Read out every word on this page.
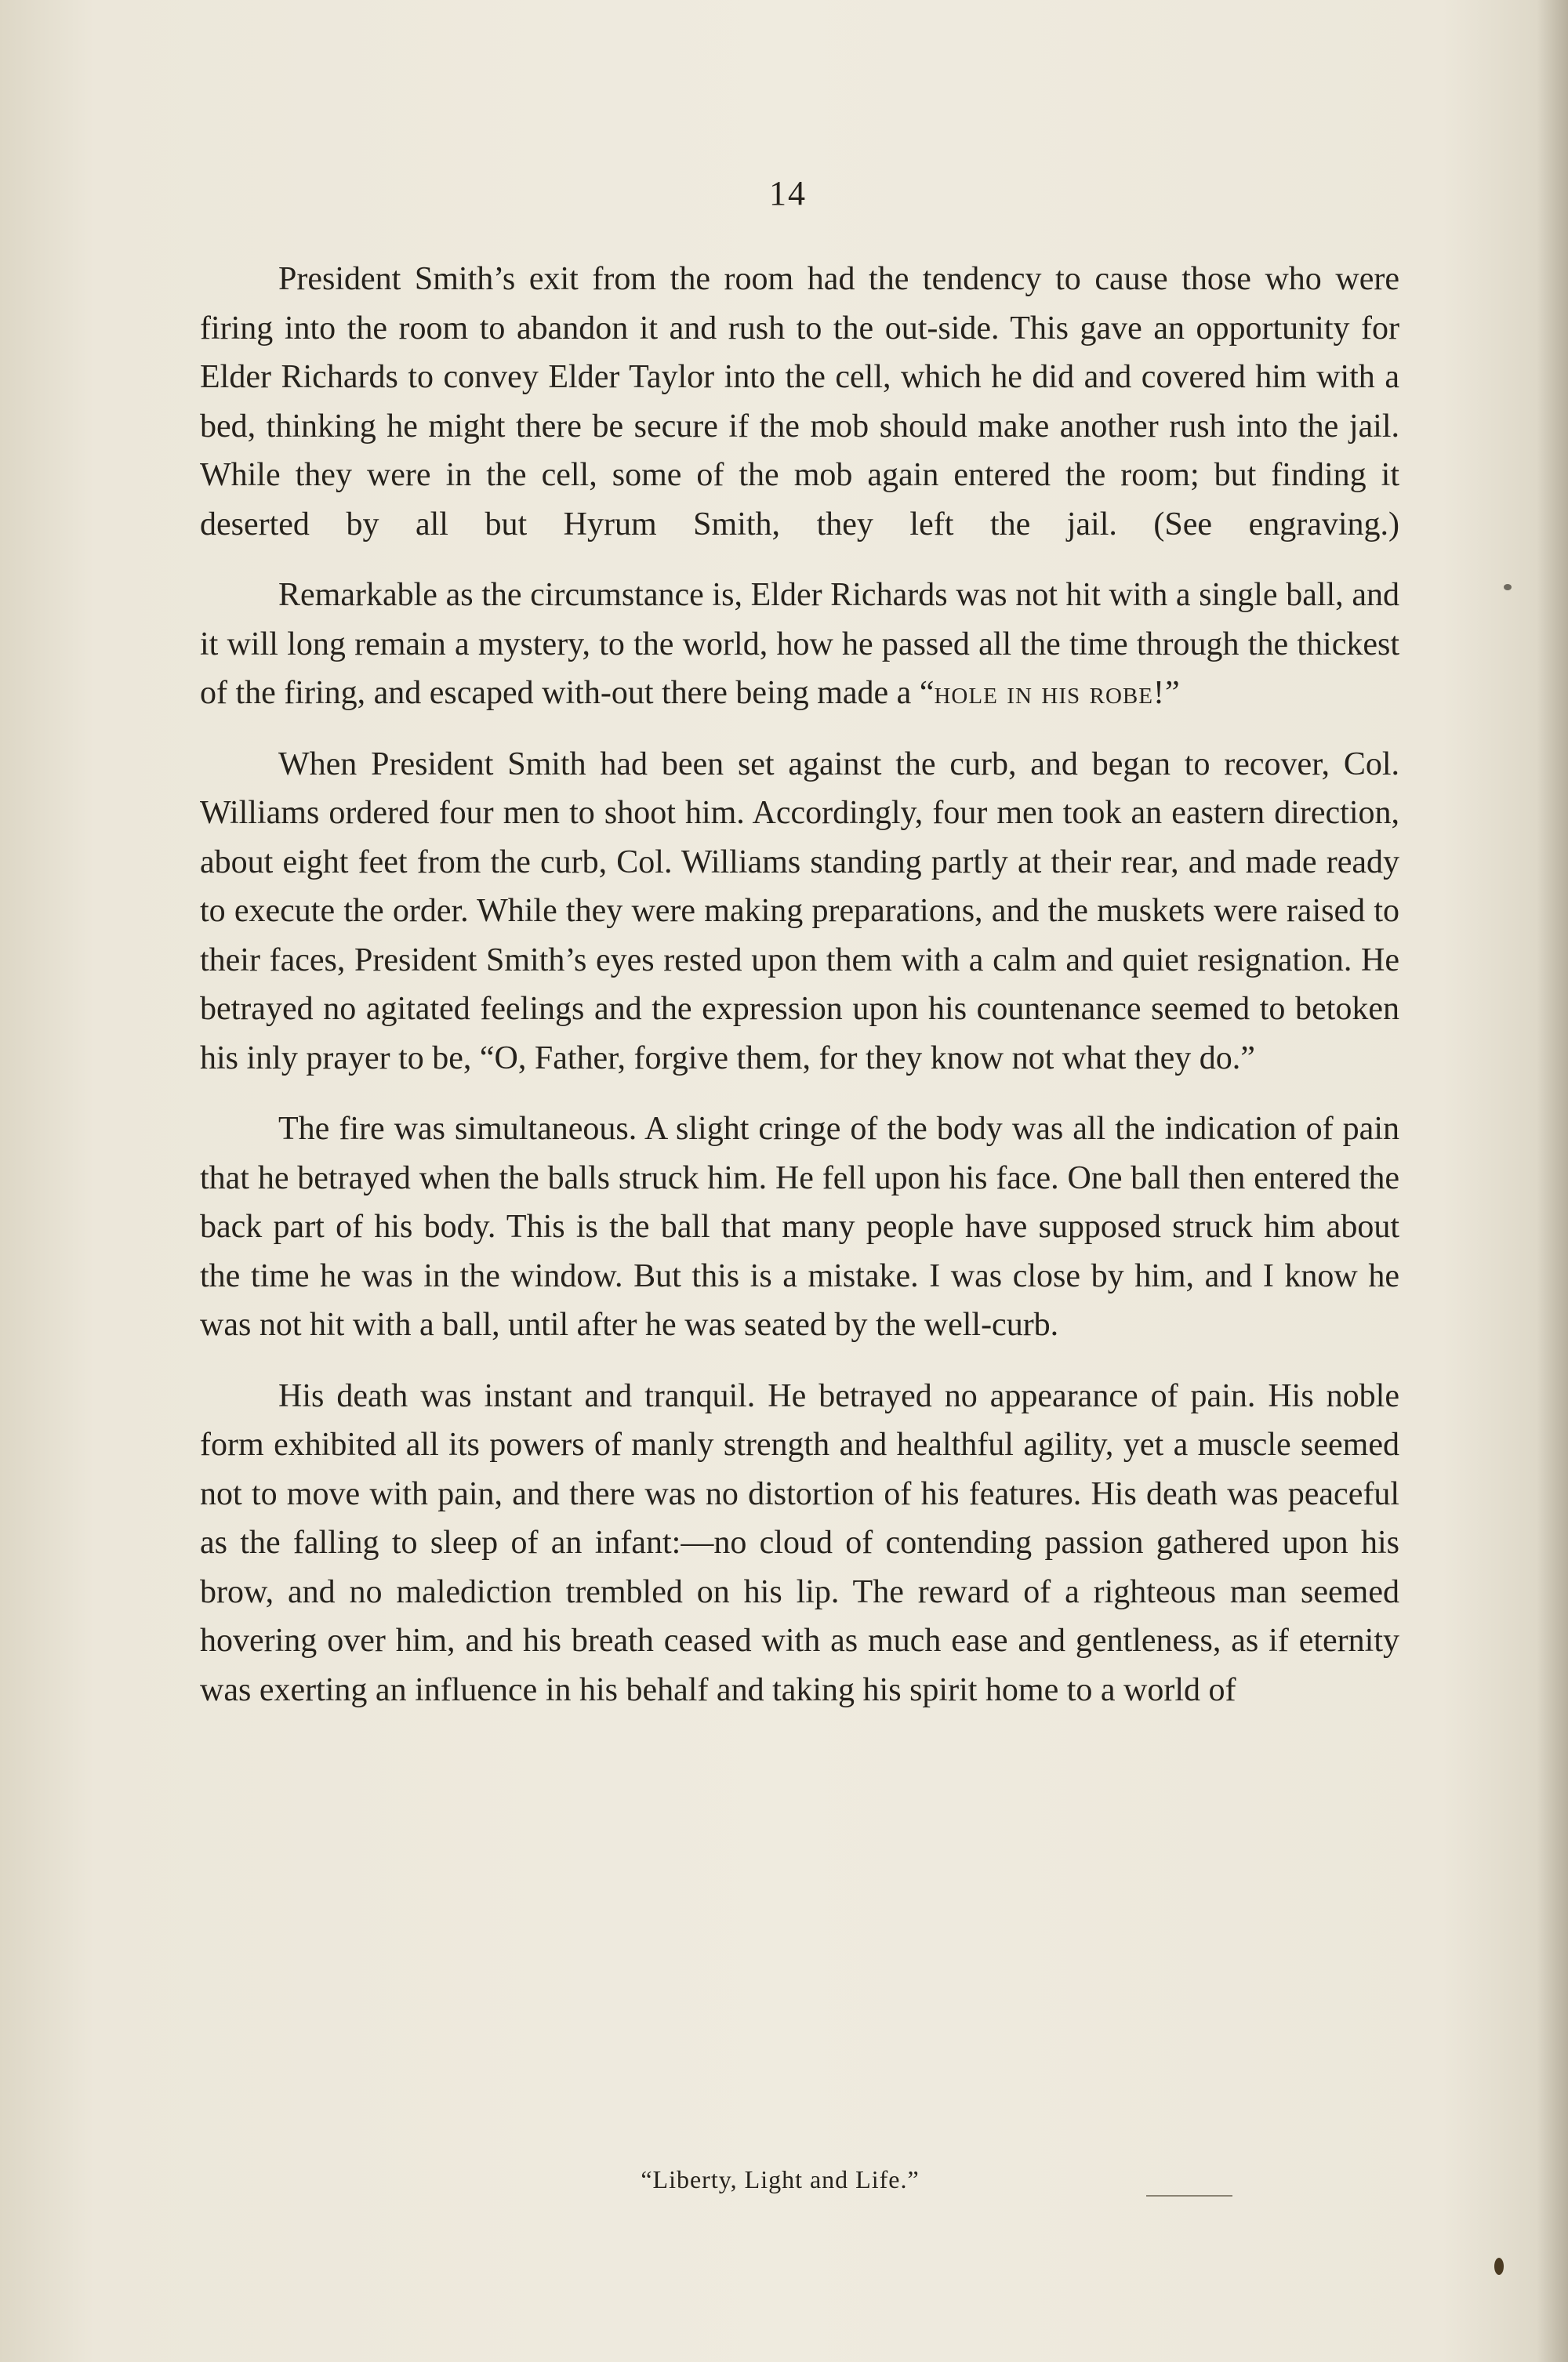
14

President Smith’s exit from the room had the tendency to cause those who were firing into the room to abandon it and rush to the out-side. This gave an opportunity for Elder Richards to convey Elder Taylor into the cell, which he did and covered him with a bed, thinking he might there be secure if the mob should make another rush into the jail. While they were in the cell, some of the mob again entered the room; but finding it deserted by all but Hyrum Smith, they left the jail. (See engraving.)

Remarkable as the circumstance is, Elder Richards was not hit with a single ball, and it will long remain a mystery, to the world, how he passed all the time through the thickest of the firing, and escaped with-out there being made a “hole in his robe!”

When President Smith had been set against the curb, and began to recover, Col. Williams ordered four men to shoot him. Accordingly, four men took an eastern direction, about eight feet from the curb, Col. Williams standing partly at their rear, and made ready to execute the order. While they were making preparations, and the muskets were raised to their faces, President Smith’s eyes rested upon them with a calm and quiet resignation. He betrayed no agitated feelings and the expression upon his countenance seemed to betoken his inly prayer to be, “O, Father, forgive them, for they know not what they do.”

The fire was simultaneous. A slight cringe of the body was all the indication of pain that he betrayed when the balls struck him. He fell upon his face. One ball then entered the back part of his body. This is the ball that many people have supposed struck him about the time he was in the window. But this is a mistake. I was close by him, and I know he was not hit with a ball, until after he was seated by the well-curb.

His death was instant and tranquil. He betrayed no appearance of pain. His noble form exhibited all its powers of manly strength and healthful agility, yet a muscle seemed not to move with pain, and there was no distortion of his features. His death was peaceful as the falling to sleep of an infant:—no cloud of contending passion gathered upon his brow, and no malediction trembled on his lip. The reward of a righteous man seemed hovering over him, and his breath ceased with as much ease and gentleness, as if eternity was exerting an influence in his behalf and taking his spirit home to a world of

“Liberty, Light and Life.”
